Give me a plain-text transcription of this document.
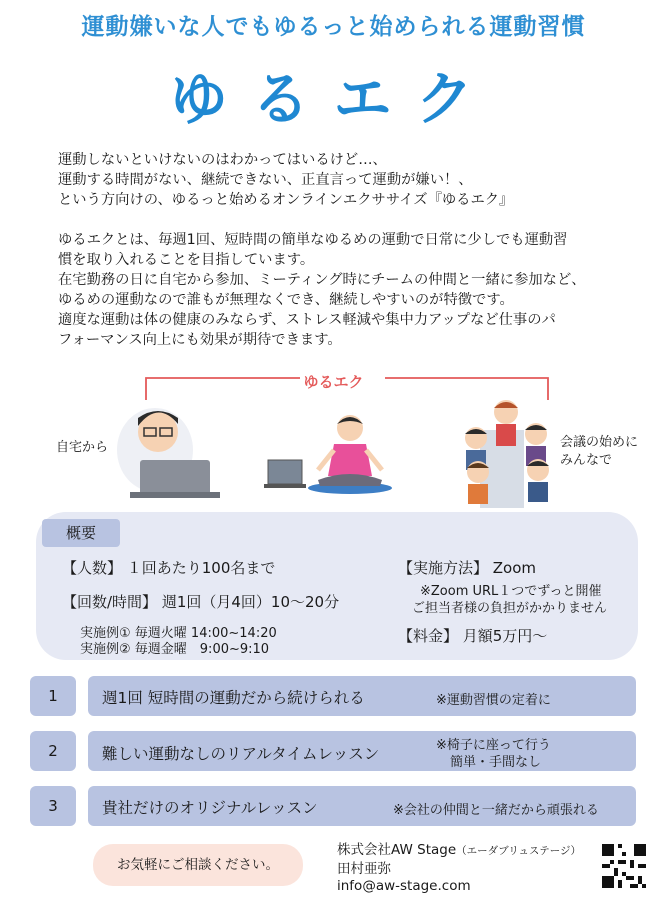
運動嫌いな人でもゆるっと始められる運動習慣
ゆるエク

運動しないといけないのはわかってはいるけど…、

運動する時間がない、継続できない、正直言って運動が嫌い！、

という方向けの、ゆるっと始めるオンラインエクササイズ『ゆるエク』

ゆるエクとは、毎週1回、短時間の簡単なゆるめの運動で日常に少しでも運動習

慣を取り入れることを目指しています。

在宅勤務の日に自宅から参加、ミーティング時にチームの仲間と一緒に参加など、

ゆるめの運動なので誰もが無理なくでき、継続しやすいのが特徴です。

適度な運動は体の健康のみならず、ストレス軽減や集中力アップなど仕事のパ

フォーマンス向上にも効果が期待できます。

ゆるエク
自宅から	会議の始めに
みんなで
概要
【人数】 １回あたり100名まで
【回数/時間】 週1回（月4回）10～20分
実施例① 毎週火曜 14:00~14:20
実施例② 毎週金曜　9:00~9:10
【実施方法】 Zoom
※Zoom URL１つでずっと開催
ご担当者様の負担がかかりません
【料金】 月額5万円～
1	週1回 短時間の運動だから続けられる	※運動習慣の定着に
2	難しい運動なしのリアルタイムレッスン	※椅子に座って行う
簡単・手間なし
3	貴社だけのオリジナルレッスン	※会社の仲間と一緒だから頑張れる
お気軽にご相談ください。
株式会社AW Stage（エーダブリュステージ）
田村亜弥
info@aw-stage.com
